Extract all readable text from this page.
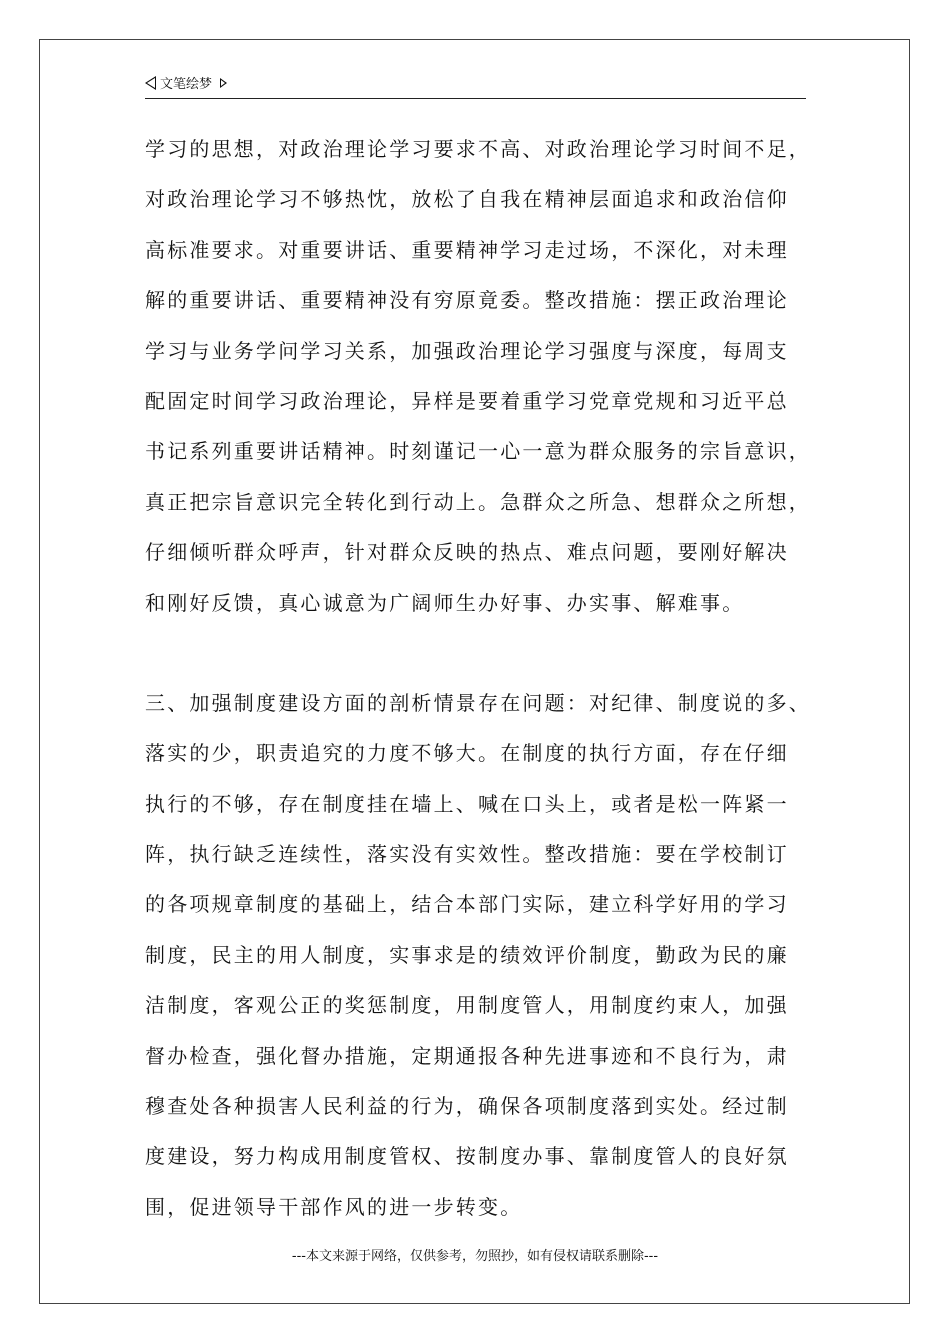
文笔绘梦

学习的思想，对政治理论学习要求不高、对政治理论学习时间不足，
对政治理论学习不够热忱，放松了自我在精神层面追求和政治信仰
高标准要求。对重要讲话、重要精神学习走过场，不深化，对未理
解的重要讲话、重要精神没有穷原竟委。整改措施：摆正政治理论
学习与业务学问学习关系，加强政治理论学习强度与深度，每周支
配固定时间学习政治理论，异样是要着重学习党章党规和习近平总
书记系列重要讲话精神。时刻谨记一心一意为群众服务的宗旨意识，
真正把宗旨意识完全转化到行动上。急群众之所急、想群众之所想，
仔细倾听群众呼声，针对群众反映的热点、难点问题，要刚好解决
和刚好反馈，真心诚意为广阔师生办好事、办实事、解难事。

三、加强制度建设方面的剖析情景存在问题：对纪律、制度说的多、
落实的少，职责追究的力度不够大。在制度的执行方面，存在仔细
执行的不够，存在制度挂在墙上、喊在口头上，或者是松一阵紧一
阵，执行缺乏连续性，落实没有实效性。整改措施：要在学校制订
的各项规章制度的基础上，结合本部门实际，建立科学好用的学习
制度，民主的用人制度，实事求是的绩效评价制度，勤政为民的廉
洁制度，客观公正的奖惩制度，用制度管人，用制度约束人，加强
督办检查，强化督办措施，定期通报各种先进事迹和不良行为，肃
穆查处各种损害人民利益的行为，确保各项制度落到实处。经过制
度建设，努力构成用制度管权、按制度办事、靠制度管人的良好氛
围，促进领导干部作风的进一步转变。

---本文来源于网络，仅供参考，勿照抄，如有侵权请联系删除---
